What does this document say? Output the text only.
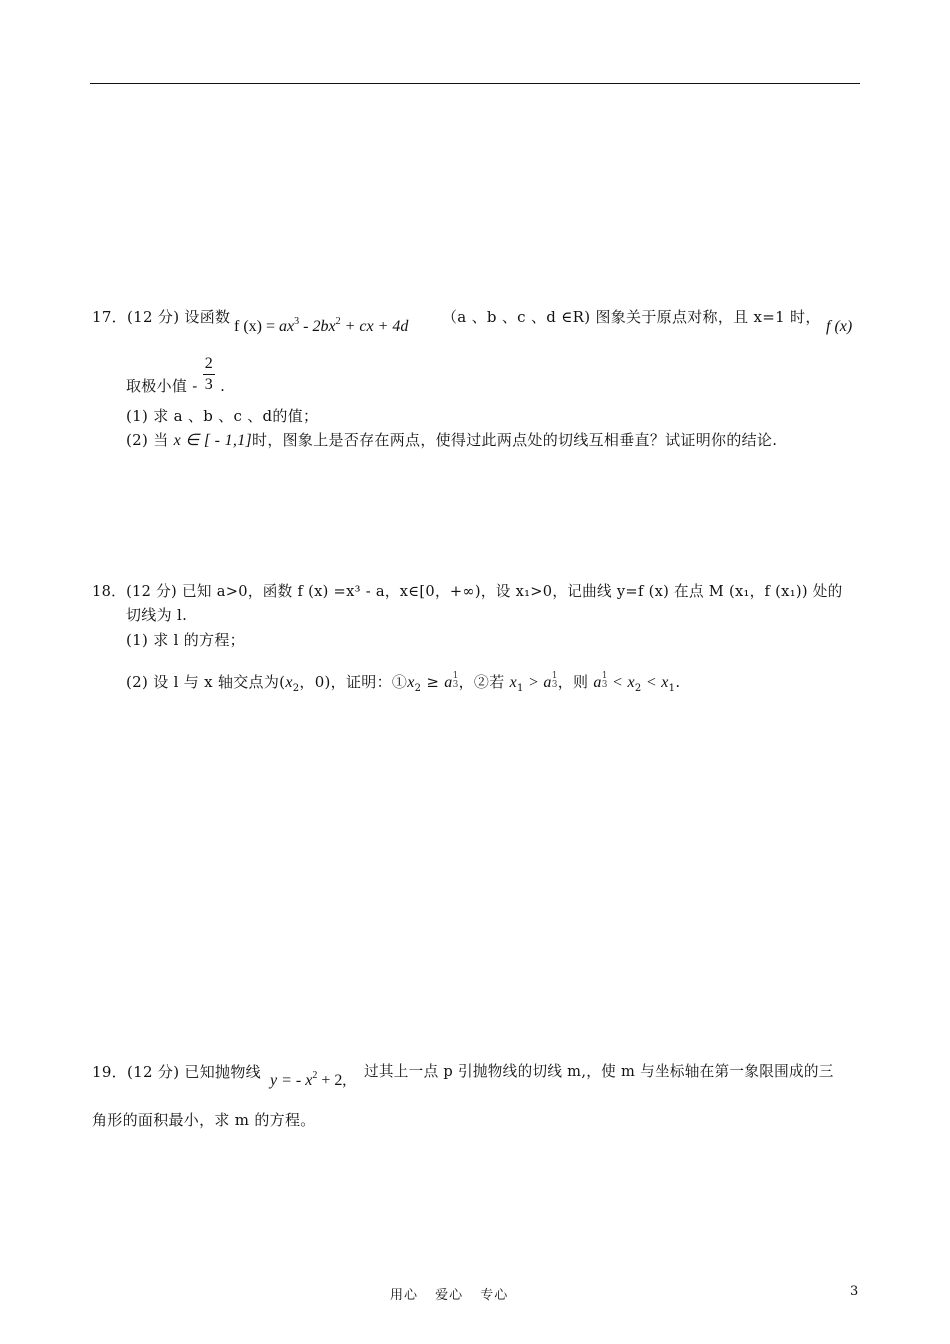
17．(12 分) 设函数
f $(x) = ax^3 - 2bx^2$ + cx + 4d
（a 、b 、c 、d ∈R) 图象关于原点对称，且 x=1 时，
f (x)
取极小值 - $\frac{2}{3}$ .
(1) 求 a 、b 、c 、d的值；
(2) 当 x ∈ [ - 1,1]时，图象上是否存在两点，使得过此两点处的切线互相垂直？试证明你的结论.
18．(12 分) 已知 a>0，函数 f (x) =x³ - a，x∈[0，+∞)，设 x₁>0，记曲线 y=f (x) 在点 M (x₁，f (x₁)) 处的
切线为 l.
(1) 求 l 的方程；
(2) 设 l 与 x 轴交点为($x_2$，0)，证明：$①x_2 \ge a1$
3，②若 $x_1 > a1$
3，则 a1
$3 < x_2 < x_1$.
19．(12 分) 已知抛物线 y = - $x^2 + 2$,
过其上一点 p 引抛物线的切线 m,，使 m 与坐标轴在第一象限围成的三
角形的面积最小，求 m 的方程。
用心 爱心 专心	3
